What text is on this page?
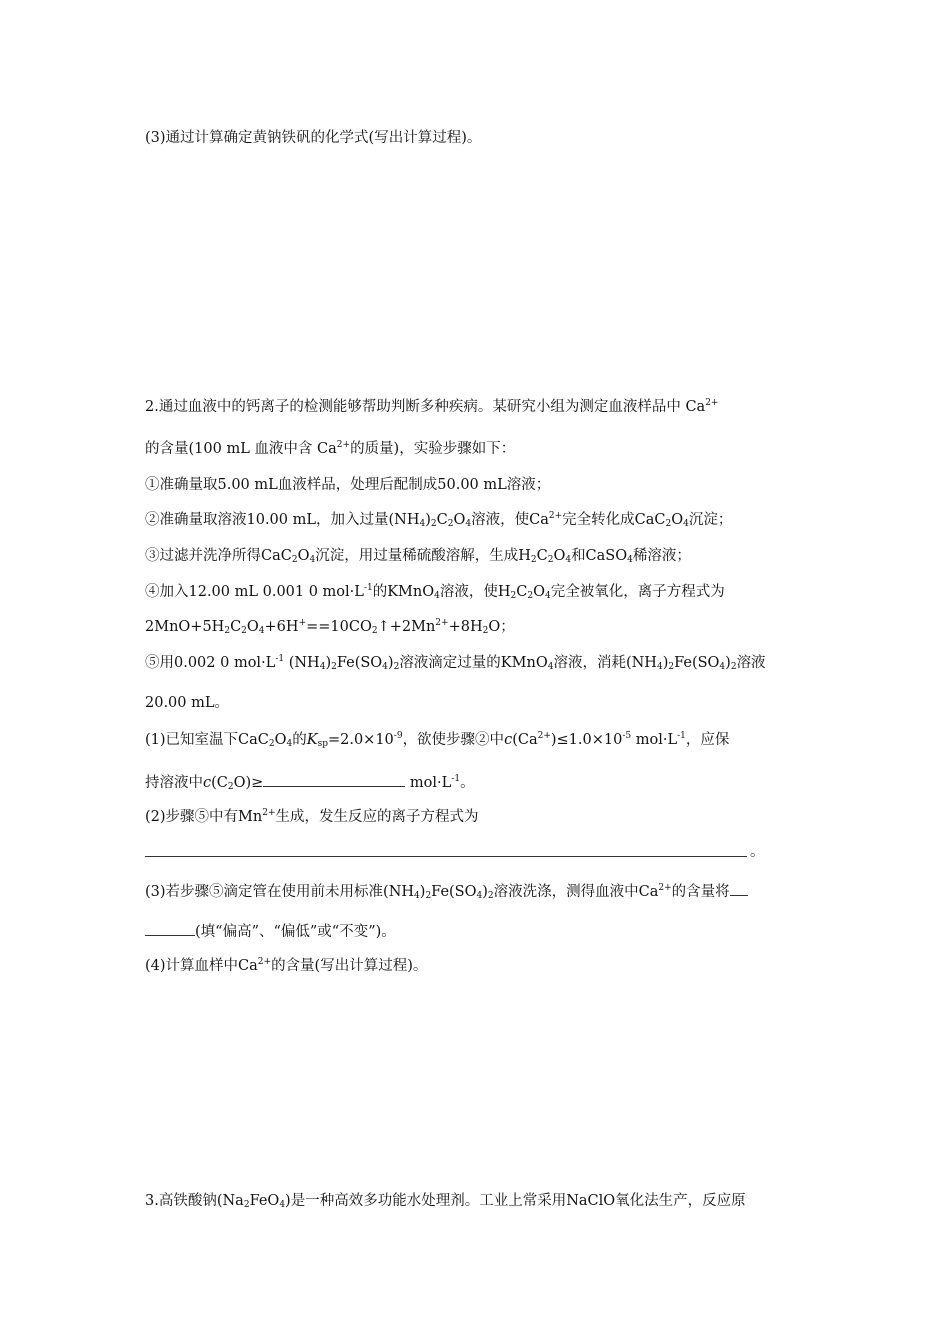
(3)通过计算确定黄钠铁矾的化学式(写出计算过程)。
2.通过血液中的钙离子的检测能够帮助判断多种疾病。某研究小组为测定血液样品中 $Ca^{2+}$
的含量(100 mL 血液中含 $Ca^{2+}$的质量)，实验步骤如下：
①准确量取5.00 mL血液样品，处理后配制成50.00 mL溶液；
②准确量取溶液10.00 mL，加入过量$(NH_4)_2C_2O_4$溶液，使$Ca^{2+}$完全转化成$CaC_2O_4$沉淀；
③过滤并洗净所得$CaC_2O_4$沉淀，用过量稀硫酸溶解，生成$H_2C_2O_4$和CaSO$_4$稀溶液；
④加入12.00 mL 0.001 0 $mol\cdot L^{-1}$的KMnO$_4$溶液，使$H_2C_2O_4$完全被氧化，离子方程式为
$2MnO+5H_2C_2O_4+6H^+==10CO_2↑+2Mn^{2+}+8H_2O$；
⑤用0.002 0 $mol\cdot L^{-1}$ $(NH_4)_2Fe(SO_4)_2$溶液滴定过量的KMnO$_4$溶液，消耗$(NH_4)_2Fe(SO_4)_2$溶液
20.00 mL。
(1)已知室温下$CaC_2O_4$的$K_{sp}=2.0\times 10^{-9}$，欲使步骤②中$c(Ca^{2+})\le 1.0\times 10^{-5}$ $mol\cdot L^{-1}$，应保
持溶液中$c(C_2O)\ge$	$mol\cdot L^{-1}$。
(2)步骤⑤中有$Mn^{2+}$生成，发生反应的离子方程式为
。
(3)若步骤⑤滴定管在使用前未用标准$(NH_4)_2Fe(SO_4)_2$溶液洗涤，测得血液中$Ca^{2+}$的含量将
(填“偏高”、“偏低”或“不变”)。
(4)计算血样中$Ca^{2+}$的含量(写出计算过程)。
3.高铁酸钠$(Na_2FeO_4)$是一种高效多功能水处理剂。工业上常采用NaClO氧化法生产，反应原
